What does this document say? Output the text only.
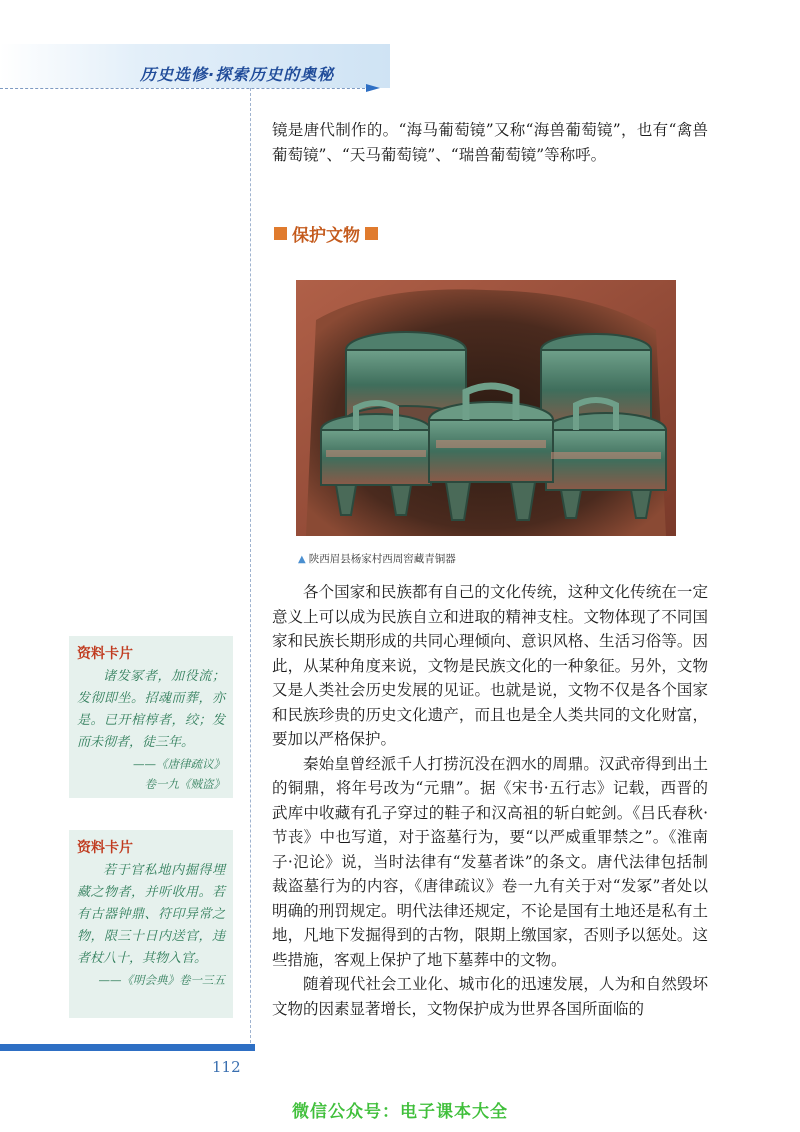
历史选修·探索历史的奥秘

镜是唐代制作的。“海马葡萄镜”又称“海兽葡萄镜”，也有“禽兽葡萄镜”、“天马葡萄镜”、“瑞兽葡萄镜”等称呼。

保护文物
▲ 陕西眉县杨家村西周窖藏青铜器

各个国家和民族都有自己的文化传统，这种文化传统在一定意义上可以成为民族自立和进取的精神支柱。文物体现了不同国家和民族长期形成的共同心理倾向、意识风格、生活习俗等。因此，从某种角度来说，文物是民族文化的一种象征。另外，文物又是人类社会历史发展的见证。也就是说，文物不仅是各个国家和民族珍贵的历史文化遗产，而且也是全人类共同的文化财富，要加以严格保护。

秦始皇曾经派千人打捞沉没在泗水的周鼎。汉武帝得到出土的铜鼎，将年号改为“元鼎”。据《宋书·五行志》记载，西晋的武库中收藏有孔子穿过的鞋子和汉高祖的斩白蛇剑。《吕氏春秋·节丧》中也写道，对于盗墓行为，要“以严威重罪禁之”。《淮南子·氾论》说，当时法律有“发墓者诛”的条文。唐代法律包括制裁盗墓行为的内容，《唐律疏议》卷一九有关于对“发冢”者处以明确的刑罚规定。明代法律还规定，不论是国有土地还是私有土地，凡地下发掘得到的古物，限期上缴国家，否则予以惩处。这些措施，客观上保护了地下墓葬中的文物。

随着现代社会工业化、城市化的迅速发展，人为和自然毁坏文物的因素显著增长，文物保护成为世界各国所面临的

资料卡片

诸发冢者，加役流；发彻即坐。招魂而葬，亦是。已开棺椁者，绞；发而未彻者，徒三年。

——《唐律疏议》

卷一九《贼盗》

资料卡片

若于官私地内掘得埋藏之物者，并听收用。若有古器钟鼎、符印异常之物，限三十日内送官，违者杖八十，其物入官。

——《明会典》卷一三五

112
微信公众号：电子课本大全
